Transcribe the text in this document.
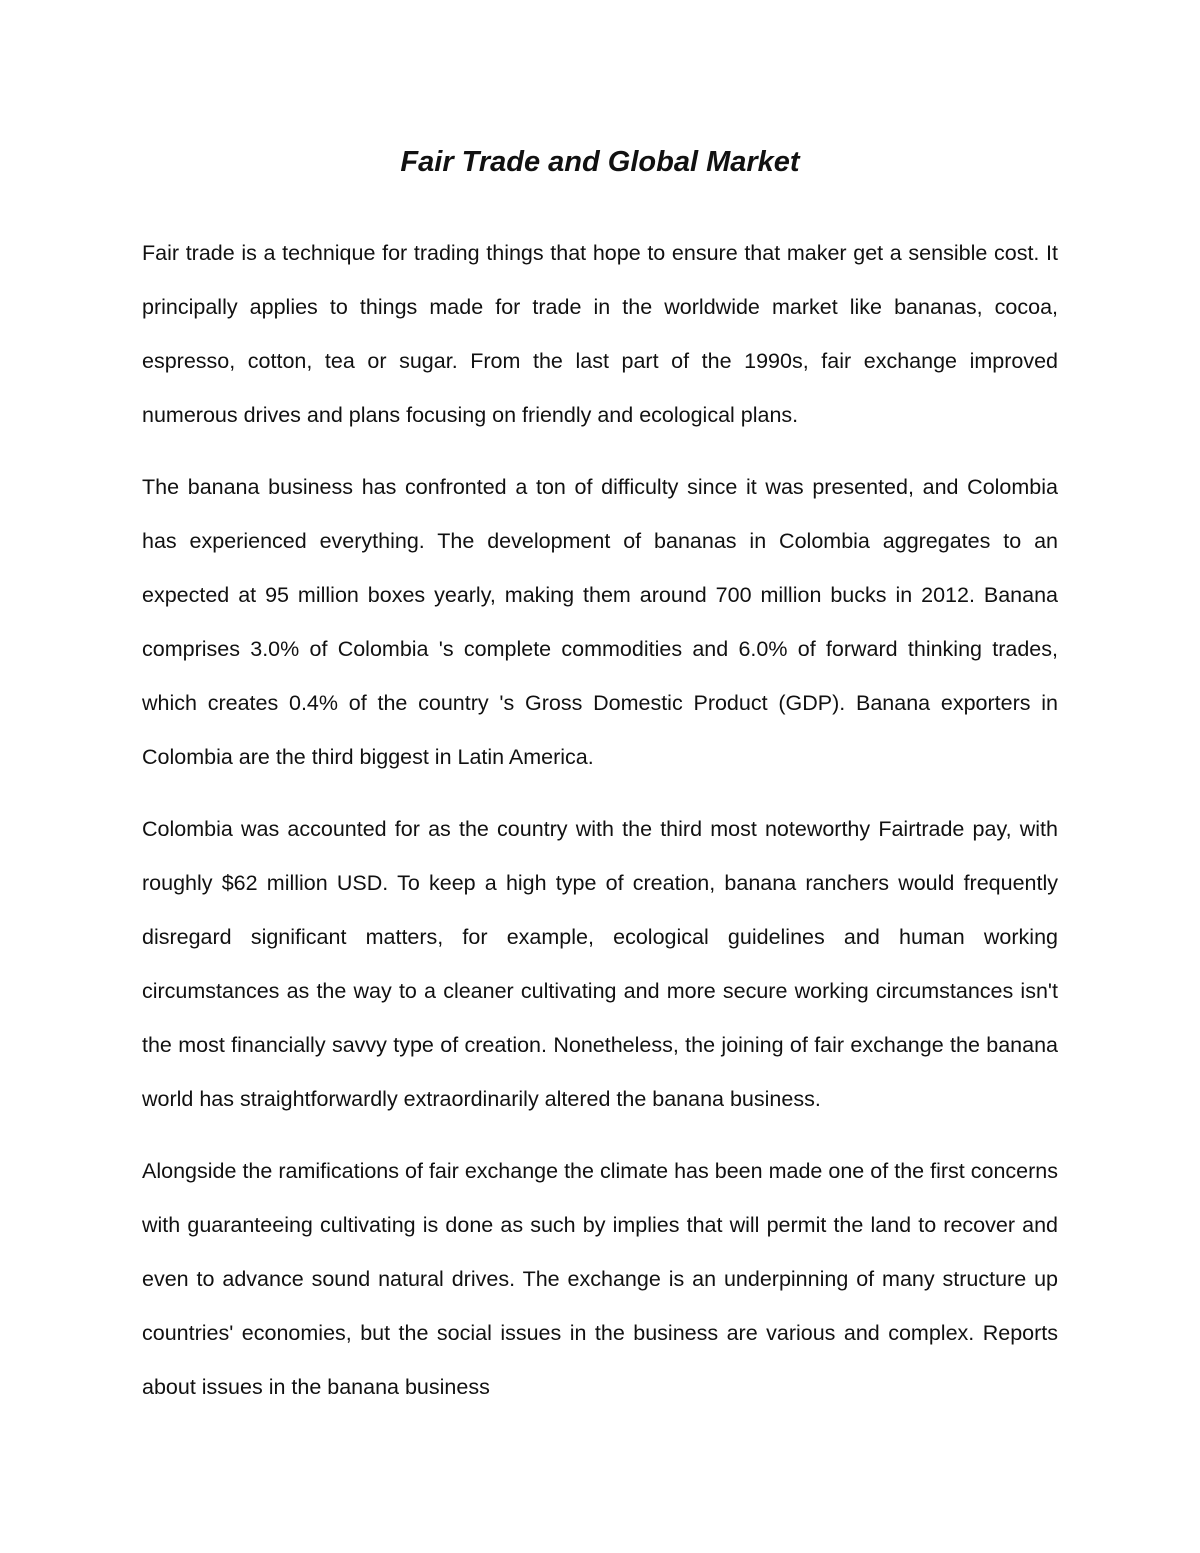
Fair Trade and Global Market

Fair trade is a technique for trading things that hope to ensure that maker get a sensible cost. It principally applies to things made for trade in the worldwide market like bananas, cocoa, espresso, cotton, tea or sugar. From the last part of the 1990s, fair exchange improved numerous drives and plans focusing on friendly and ecological plans.

The banana business has confronted a ton of difficulty since it was presented, and Colombia has experienced everything. The development of bananas in Colombia aggregates to an expected at 95 million boxes yearly, making them around 700 million bucks in 2012. Banana comprises 3.0% of Colombia 's complete commodities and 6.0% of forward thinking trades, which creates 0.4% of the country 's Gross Domestic Product (GDP). Banana exporters in Colombia are the third biggest in Latin America.

Colombia was accounted for as the country with the third most noteworthy Fairtrade pay, with roughly $62 million USD. To keep a high type of creation, banana ranchers would frequently disregard significant matters, for example, ecological guidelines and human working circumstances as the way to a cleaner cultivating and more secure working circumstances isn't the most financially savvy type of creation. Nonetheless, the joining of fair exchange the banana world has straightforwardly extraordinarily altered the banana business.

Alongside the ramifications of fair exchange the climate has been made one of the first concerns with guaranteeing cultivating is done as such by implies that will permit the land to recover and even to advance sound natural drives. The exchange is an underpinning of many structure up countries' economies, but the social issues in the business are various and complex. Reports about issues in the banana business
